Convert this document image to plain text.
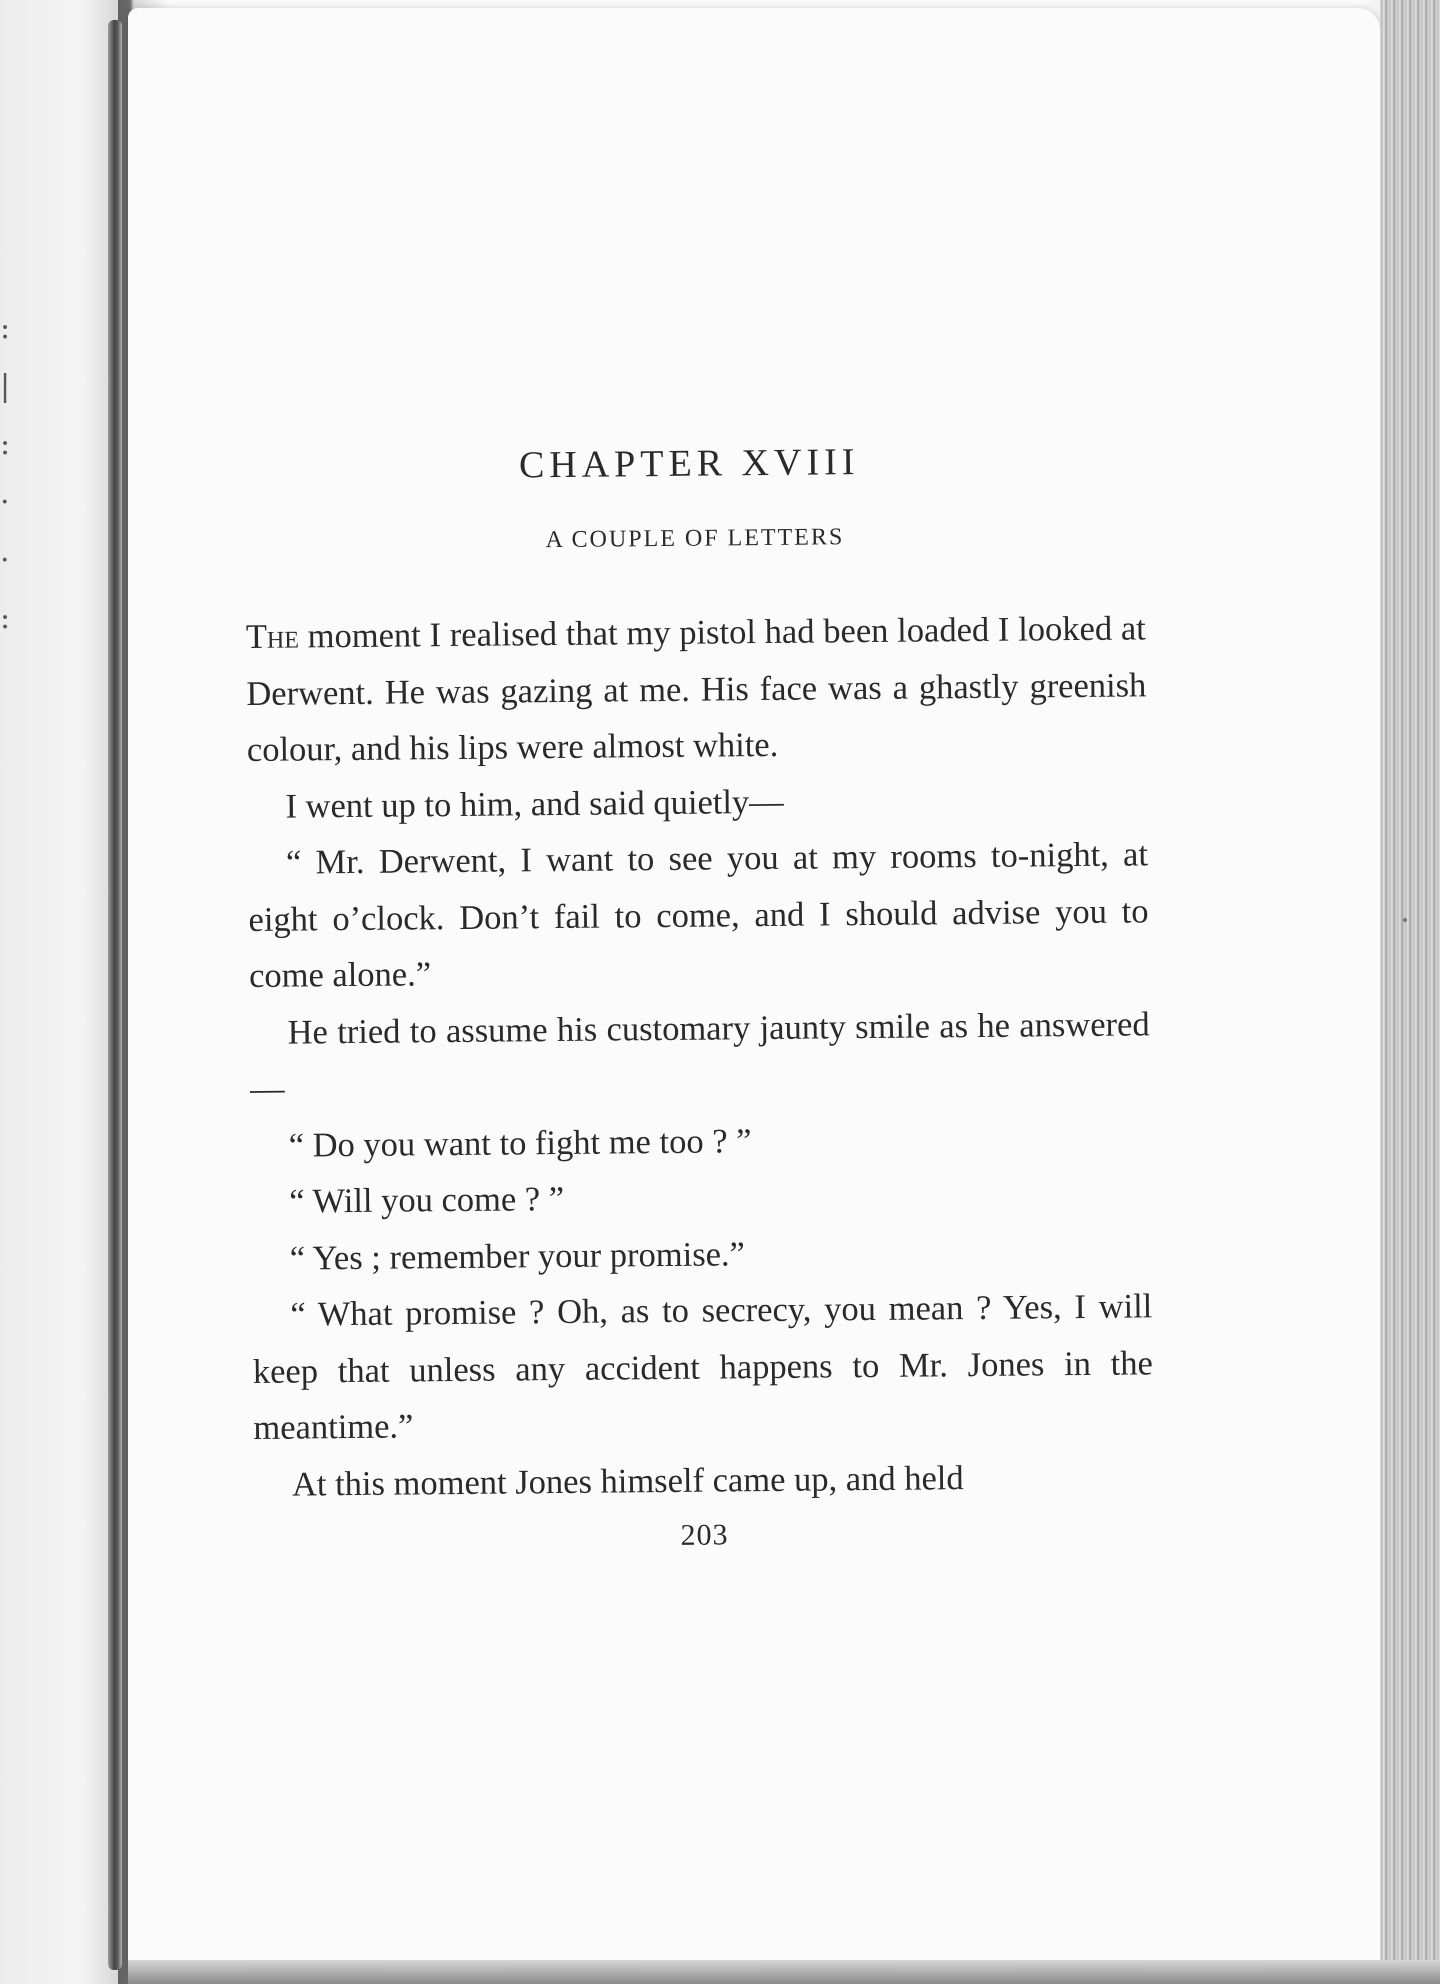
:
|
:
·
·
:
CHAPTER XVIII
A COUPLE OF LETTERS

The moment I realised that my pistol had been loaded I looked at Derwent. He was gazing at me. His face was a ghastly greenish colour, and his lips were almost white.

I went up to him, and said quietly—

“ Mr. Derwent, I want to see you at my rooms to-night, at eight o’clock. Don’t fail to come, and I should advise you to come alone.”

He tried to assume his customary jaunty smile as he answered—

“ Do you want to fight me too ? ”

“ Will you come ? ”

“ Yes ; remember your promise.”

“ What promise ? Oh, as to secrecy, you mean ? Yes, I will keep that unless any accident happens to Mr. Jones in the meantime.”

At this moment Jones himself came up, and held

203
